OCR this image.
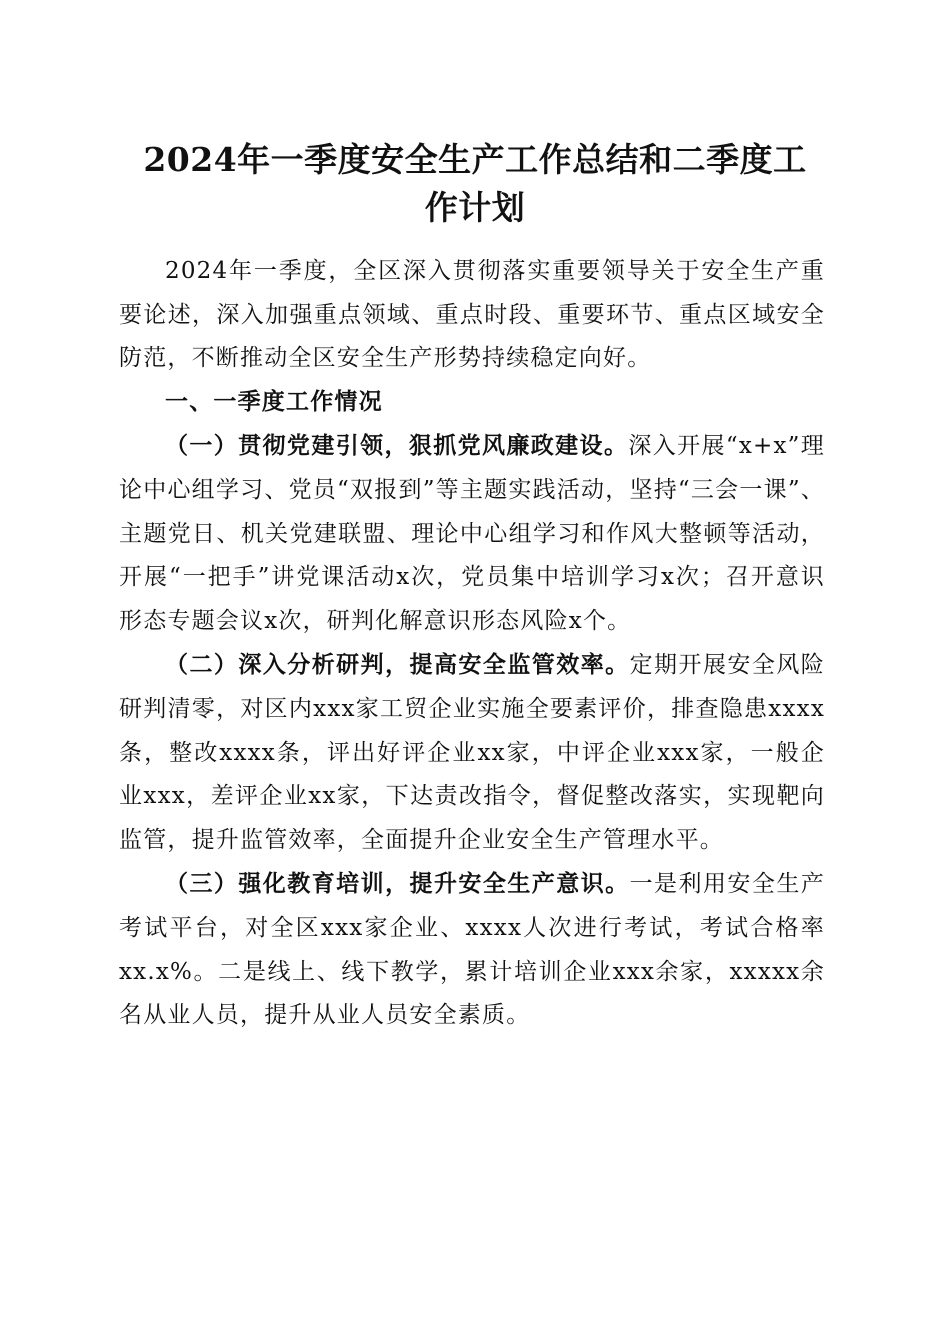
2024年一季度安全生产工作总结和二季度工
作计划

2024年一季度，全区深入贯彻落实重要领导关于安全生产重要论述，深入加强重点领域、重点时段、重要环节、重点区域安全防范，不断推动全区安全生产形势持续稳定向好。

一、一季度工作情况

（一）贯彻党建引领，狠抓党风廉政建设。深入开展“x+x”理论中心组学习、党员“双报到”等主题实践活动，坚持“三会一课”、主题党日、机关党建联盟、理论中心组学习和作风大整顿等活动，开展“一把手”讲党课活动x次，党员集中培训学习x次；召开意识形态专题会议x次，研判化解意识形态风险x个。

（二）深入分析研判，提高安全监管效率。定期开展安全风险研判清零，对区内xxx家工贸企业实施全要素评价，排查隐患xxxx条，整改xxxx条，评出好评企业xx家，中评企业xxx家，一般企业xxx，差评企业xx家，下达责改指令，督促整改落实，实现靶向监管，提升监管效率，全面提升企业安全生产管理水平。

（三）强化教育培训，提升安全生产意识。一是利用安全生产考试平台，对全区xxx家企业、xxxx人次进行考试，考试合格率xx.x%。二是线上、线下教学，累计培训企业xxx余家，xxxxx余名从业人员，提升从业人员安全素质。
